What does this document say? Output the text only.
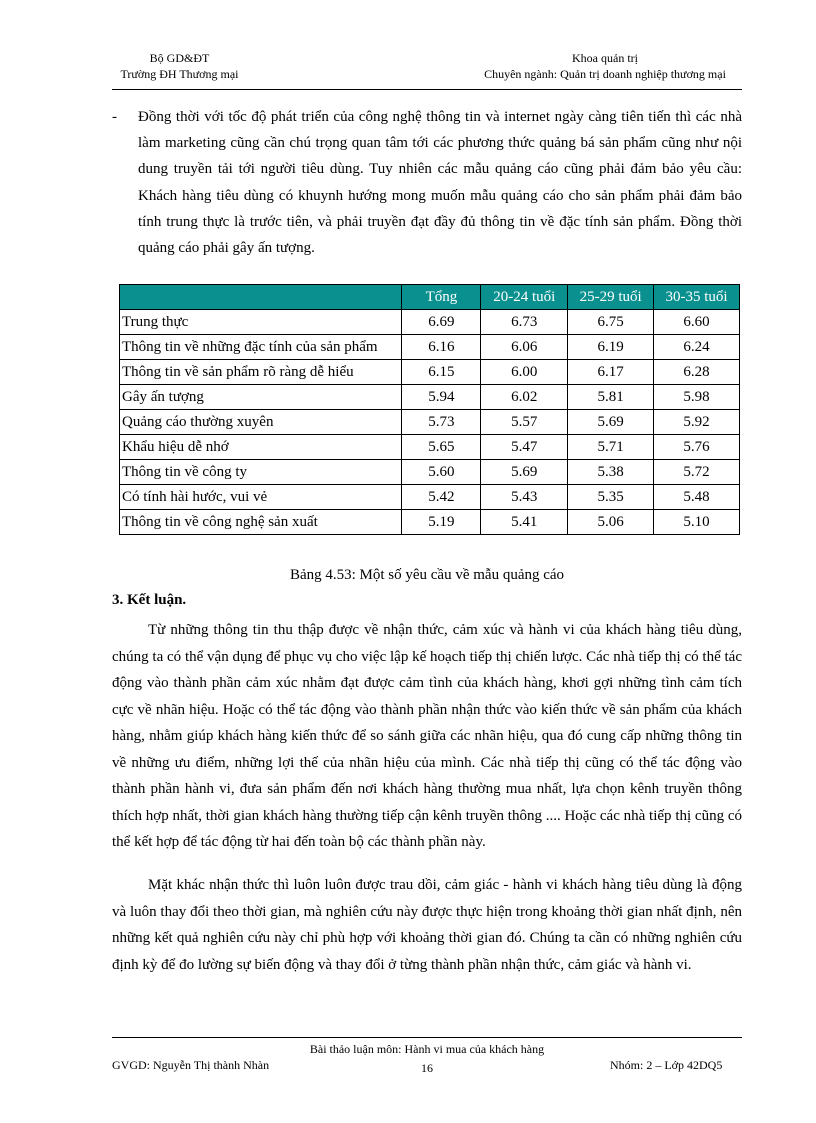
Bộ GD&ĐT
Trường ĐH Thương mại
Khoa quản trị
Chuyên ngành: Quản trị doanh nghiệp thương mại
- Đồng thời với tốc độ phát triển của công nghệ thông tin và internet ngày càng tiên tiến thì các nhà làm marketing cũng cần chú trọng quan tâm tới các phương thức quảng bá sản phẩm cũng như nội dung truyền tải tới người tiêu dùng. Tuy nhiên các mẫu quảng cáo cũng phải đảm bảo yêu cầu: Khách hàng tiêu dùng có khuynh hướng mong muốn mẫu quảng cáo cho sản phẩm phải đảm bảo tính trung thực là trước tiên, và phải truyền đạt đầy đủ thông tin về đặc tính sản phẩm. Đồng thời quảng cáo phải gây ấn tượng.
	Tổng	20-24 tuổi	25-29 tuổi	30-35 tuổi
Trung thực	6.69	6.73	6.75	6.60
Thông tin về những đặc tính của sản phẩm	6.16	6.06	6.19	6.24
Thông tin về sản phẩm rõ ràng dễ hiểu	6.15	6.00	6.17	6.28
Gây ấn tượng	5.94	6.02	5.81	5.98
Quảng cáo thường xuyên	5.73	5.57	5.69	5.92
Khẩu hiệu dễ nhớ	5.65	5.47	5.71	5.76
Thông tin về công ty	5.60	5.69	5.38	5.72
Có tính hài hước, vui vẻ	5.42	5.43	5.35	5.48
Thông tin về công nghệ sản xuất	5.19	5.41	5.06	5.10
Bảng 4.53: Một số yêu cầu về mẫu quảng cáo
3. Kết luận.
Từ những thông tin thu thập được về nhận thức, cảm xúc và hành vi của khách hàng tiêu dùng, chúng ta có thể vận dụng để phục vụ cho việc lập kế hoạch tiếp thị chiến lược. Các nhà tiếp thị có thể tác động vào thành phần cảm xúc nhằm đạt được cảm tình của khách hàng, khơi gợi những tình cảm tích cực về nhãn hiệu. Hoặc có thể tác động vào thành phần nhận thức vào kiến thức về sản phẩm của khách hàng, nhằm giúp khách hàng kiến thức để so sánh giữa các nhãn hiệu, qua đó cung cấp những thông tin về những ưu điểm, những lợi thế của nhãn hiệu của mình. Các nhà tiếp thị cũng có thể tác động vào thành phần hành vi, đưa sản phẩm đến nơi khách hàng thường mua nhất, lựa chọn kênh truyền thông thích hợp nhất, thời gian khách hàng thường tiếp cận kênh truyền thông .... Hoặc các nhà tiếp thị cũng có thể kết hợp để tác động từ hai đến toàn bộ các thành phần này.
Mặt khác nhận thức thì luôn luôn được trau dồi, cảm giác - hành vi khách hàng tiêu dùng là động và luôn thay đổi theo thời gian, mà nghiên cứu này được thực hiện trong khoảng thời gian nhất định, nên những kết quả nghiên cứu này chỉ phù hợp với khoảng thời gian đó. Chúng ta cần có những nghiên cứu định kỳ để đo lường sự biến động và thay đổi ở từng thành phần nhận thức, cảm giác và hành vi.
Bài thảo luận môn: Hành vi mua của khách hàng
GVGD: Nguyễn Thị thành Nhàn	16	Nhóm: 2 – Lớp 42DQ5
